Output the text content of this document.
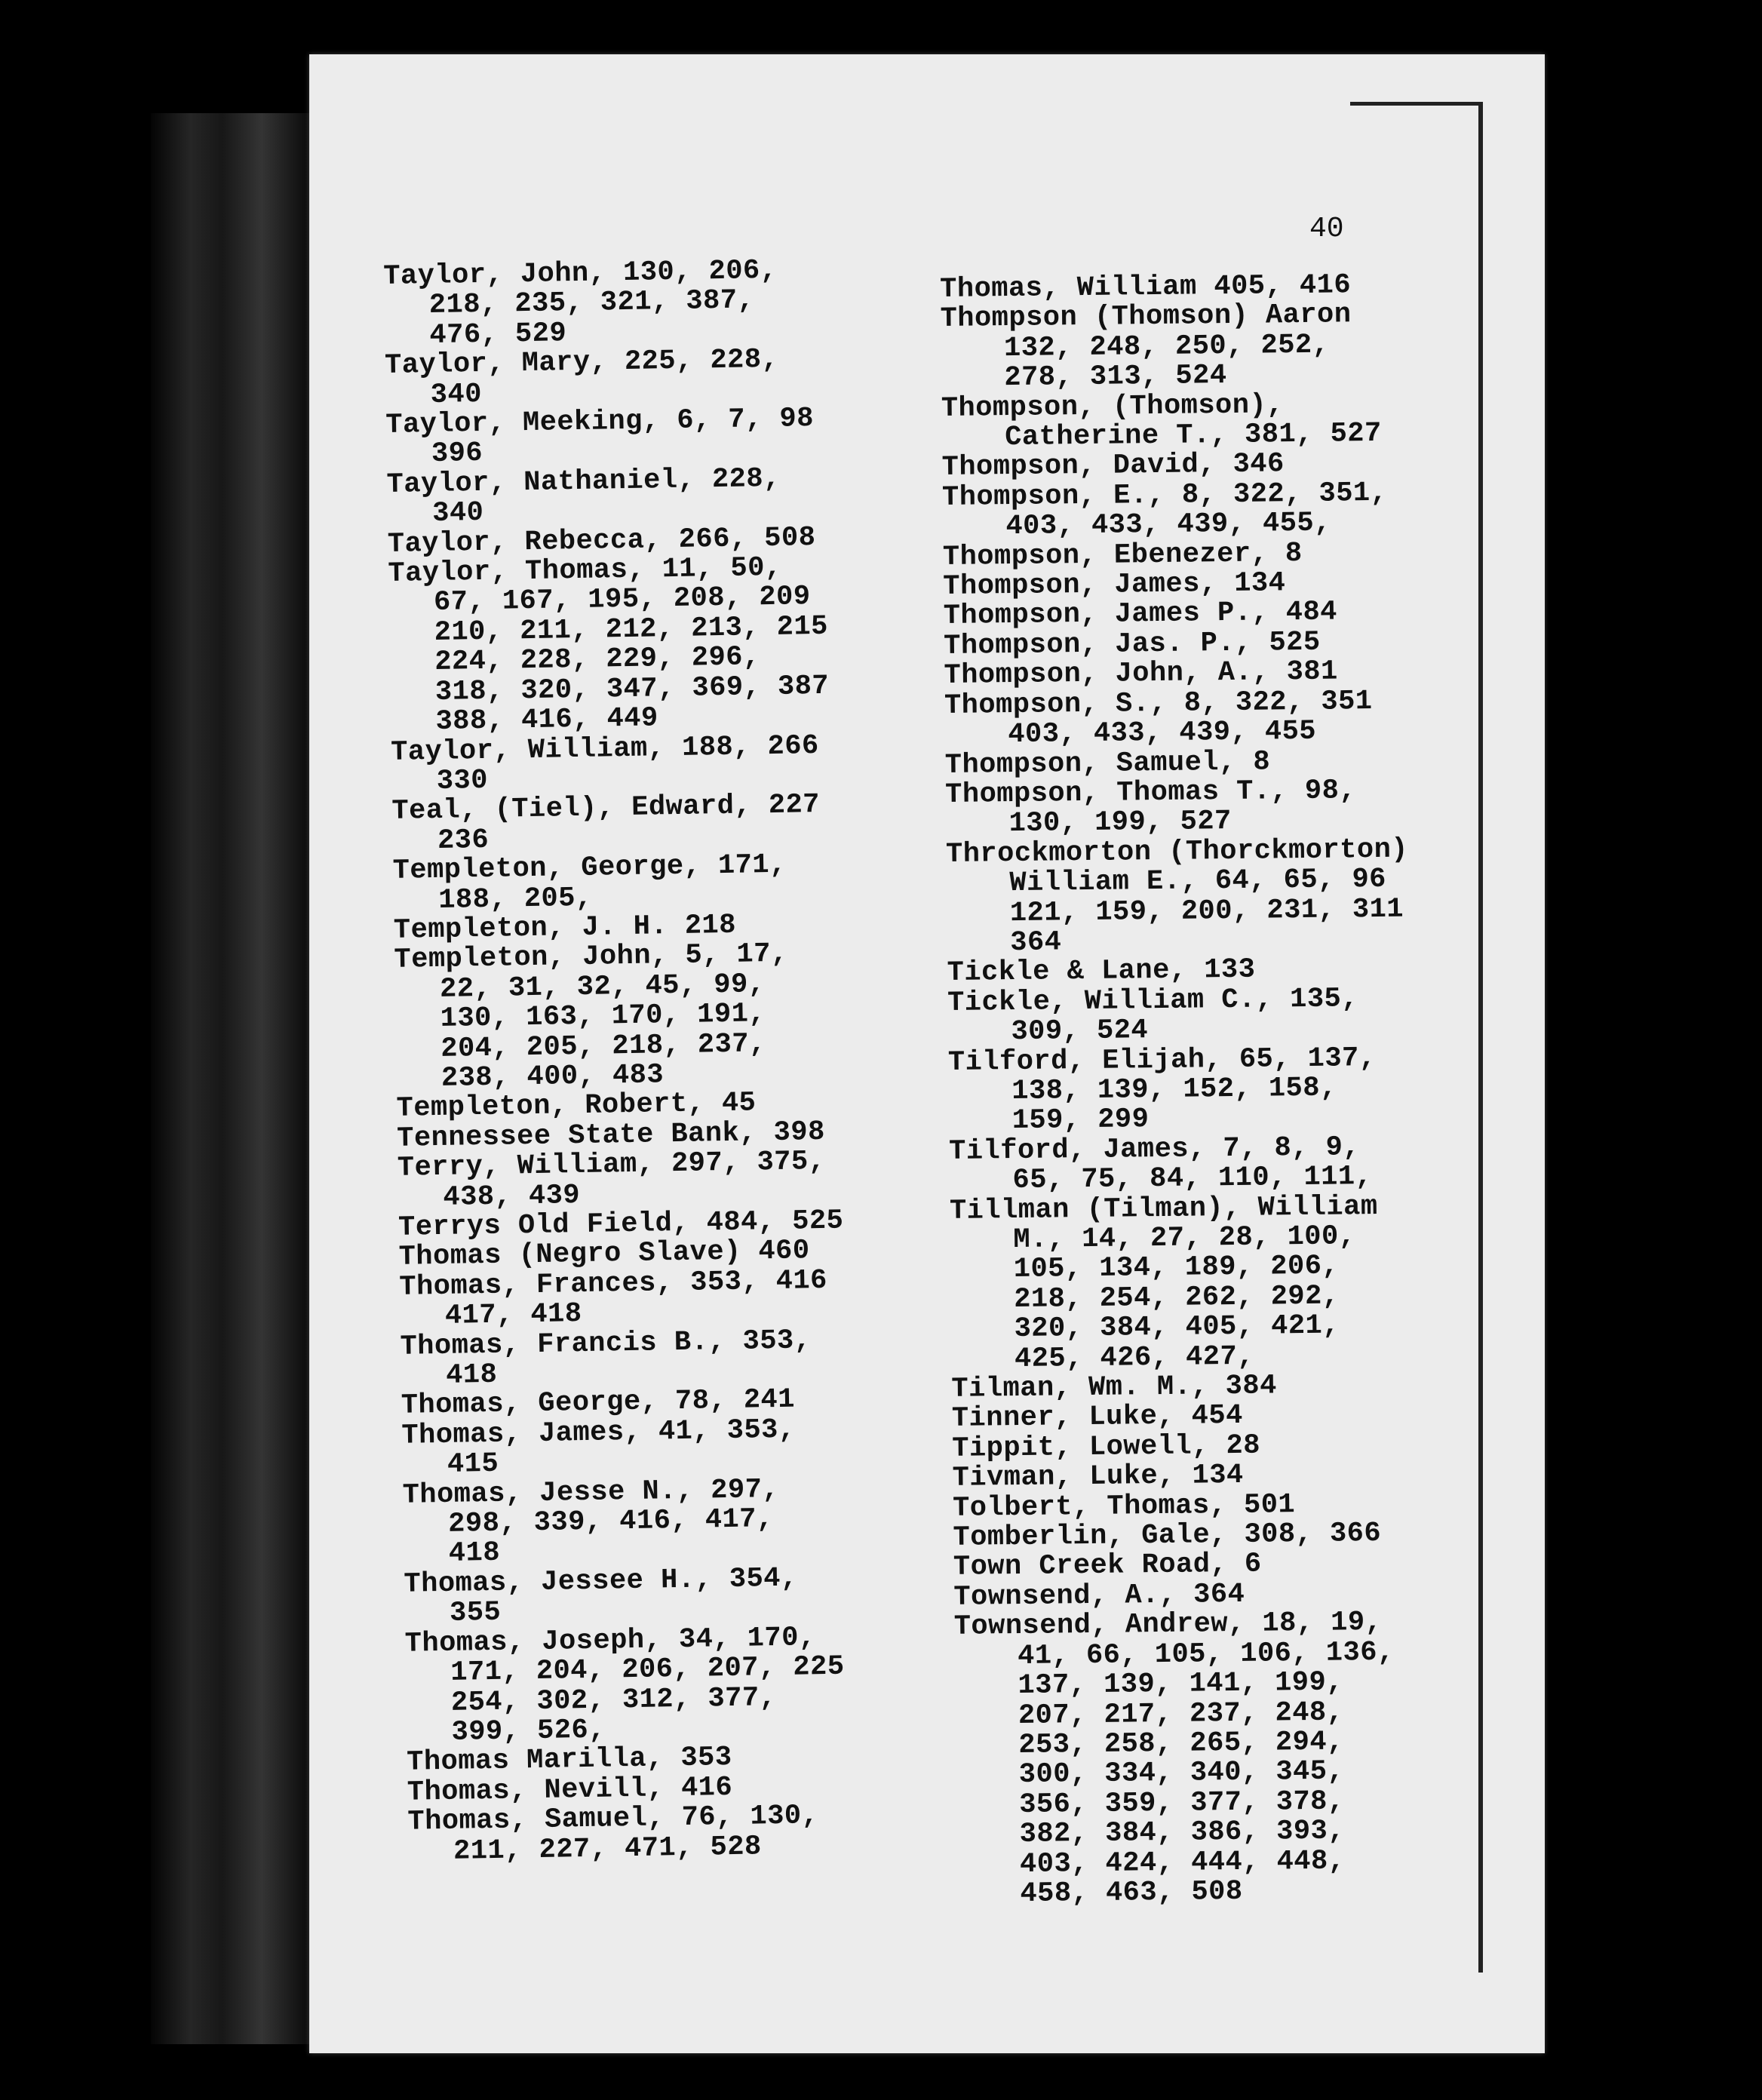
40
Taylor, John, 130, 206,
218, 235, 321, 387,
476, 529
Taylor, Mary, 225, 228,
340
Taylor, Meeking, 6, 7, 98
396
Taylor, Nathaniel, 228,
340
Taylor, Rebecca, 266, 508
Taylor, Thomas, 11, 50,
67, 167, 195, 208, 209
210, 211, 212, 213, 215
224, 228, 229, 296,
318, 320, 347, 369, 387
388, 416, 449
Taylor, William, 188, 266
330
Teal, (Tiel), Edward, 227
236
Templeton, George, 171,
188, 205,
Templeton, J. H. 218
Templeton, John, 5, 17,
22, 31, 32, 45, 99,
130, 163, 170, 191,
204, 205, 218, 237,
238, 400, 483
Templeton, Robert, 45
Tennessee State Bank, 398
Terry, William, 297, 375,
438, 439
Terrys Old Field, 484, 525
Thomas (Negro Slave) 460
Thomas, Frances, 353, 416
417, 418
Thomas, Francis B., 353,
418
Thomas, George, 78, 241
Thomas, James, 41, 353,
415
Thomas, Jesse N., 297,
298, 339, 416, 417,
418
Thomas, Jessee H., 354,
355
Thomas, Joseph, 34, 170,
171, 204, 206, 207, 225
254, 302, 312, 377,
399, 526,
Thomas Marilla, 353
Thomas, Nevill, 416
Thomas, Samuel, 76, 130,
211, 227, 471, 528
Thomas, William 405, 416
Thompson (Thomson) Aaron
132, 248, 250, 252,
278, 313, 524
Thompson, (Thomson),
Catherine T., 381, 527
Thompson, David, 346
Thompson, E., 8, 322, 351,
403, 433, 439, 455,
Thompson, Ebenezer, 8
Thompson, James, 134
Thompson, James P., 484
Thompson, Jas. P., 525
Thompson, John, A., 381
Thompson, S., 8, 322, 351
403, 433, 439, 455
Thompson, Samuel, 8
Thompson, Thomas T., 98,
130, 199, 527
Throckmorton (Thorckmorton)
William E., 64, 65, 96
121, 159, 200, 231, 311
364
Tickle & Lane, 133
Tickle, William C., 135,
309, 524
Tilford, Elijah, 65, 137,
138, 139, 152, 158,
159, 299
Tilford, James, 7, 8, 9,
65, 75, 84, 110, 111,
Tillman (Tilman), William
M., 14, 27, 28, 100,
105, 134, 189, 206,
218, 254, 262, 292,
320, 384, 405, 421,
425, 426, 427,
Tilman, Wm. M., 384
Tinner, Luke, 454
Tippit, Lowell, 28
Tivman, Luke, 134
Tolbert, Thomas, 501
Tomberlin, Gale, 308, 366
Town Creek Road, 6
Townsend, A., 364
Townsend, Andrew, 18, 19,
41, 66, 105, 106, 136,
137, 139, 141, 199,
207, 217, 237, 248,
253, 258, 265, 294,
300, 334, 340, 345,
356, 359, 377, 378,
382, 384, 386, 393,
403, 424, 444, 448,
458, 463, 508
